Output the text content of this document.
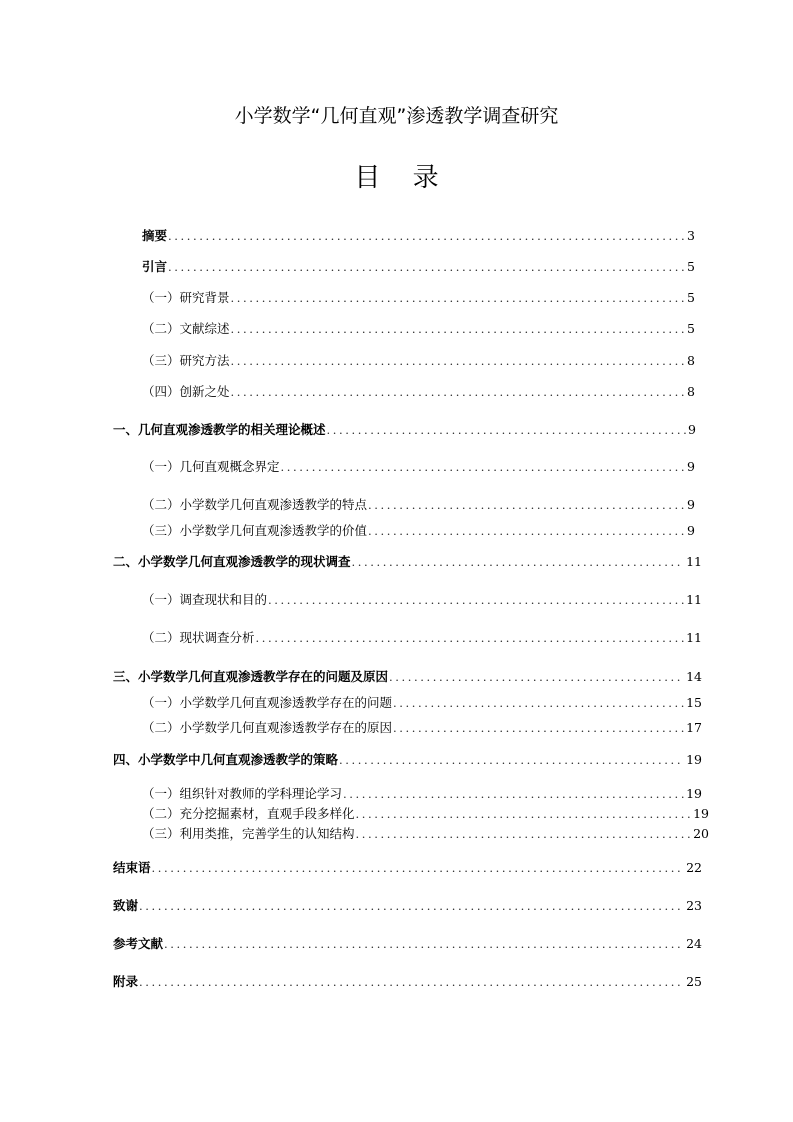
小学数学“几何直观”渗透教学调查研究
目 录
摘要 .....	3
引言 .....	5
（一）研究背景 .....	5
（二）文献综述 .....	5
（三）研究方法 .....	8
（四）创新之处 .....	8
一、几何直观渗透教学的相关理论概述 .....	9
（一）几何直观概念界定 .....	9
（二）小学数学几何直观渗透教学的特点 .....	9
（三）小学数学几何直观渗透教学的价值 .....	9
二、小学数学几何直观渗透教学的现状调查 .....	11
（一）调查现状和目的 .....	11
（二）现状调查分析 .....	11
三、小学数学几何直观渗透教学存在的问题及原因 .....	14
（一）小学数学几何直观渗透教学存在的问题 .....	15
（二）小学数学几何直观渗透教学存在的原因 .....	17
四、小学数学中几何直观渗透教学的策略 .....	19
（一）组织针对教师的学科理论学习 .....	19
（二）充分挖掘素材，直观手段多样化 .....	19
（三）利用类推，完善学生的认知结构 .....	20
结束语 .....	22
致谢 .....	23
参考文献 .....	24
附录 .....	25
